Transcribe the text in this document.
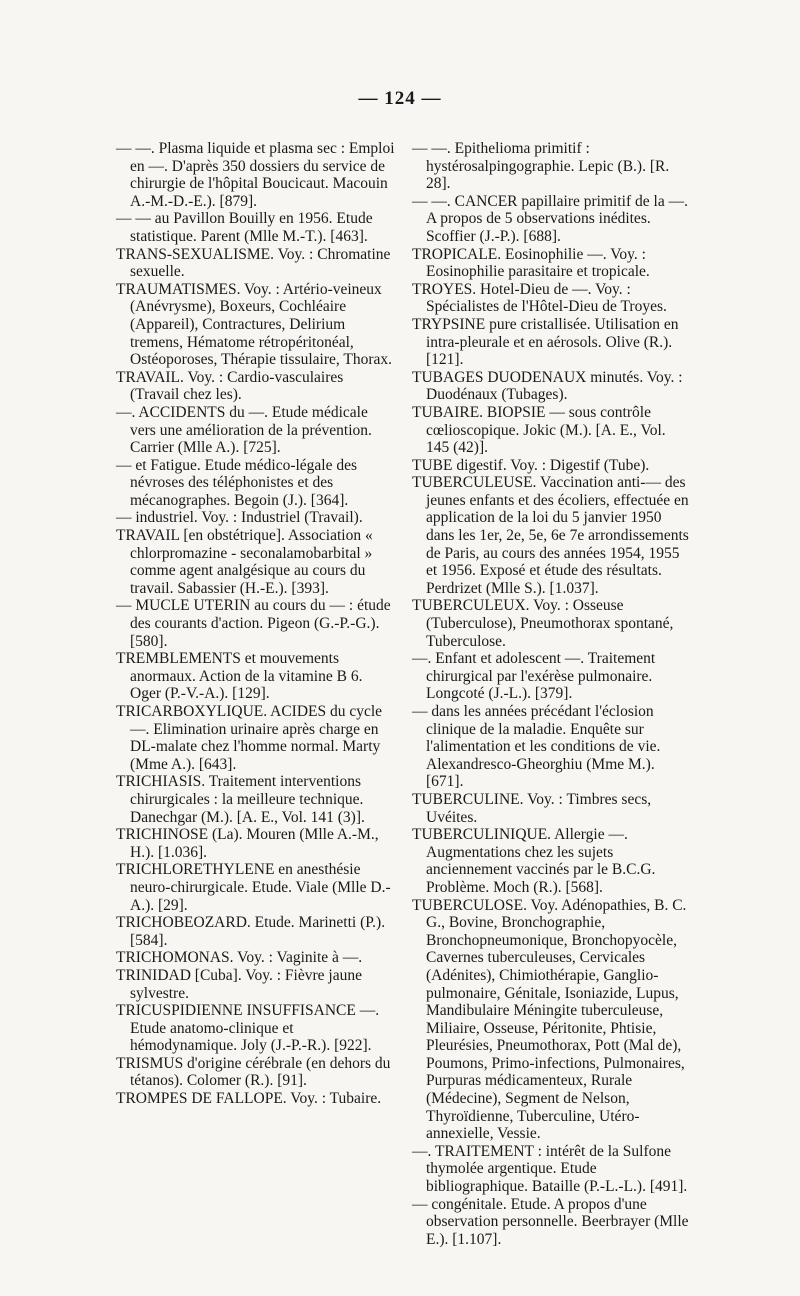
— 124 —

— —. Plasma liquide et plasma sec : Emploi en —. D'après 350 dossiers du service de chirurgie de l'hôpital Boucicaut. Macouin A.-M.-D.-E.). [879].

— — au Pavillon Bouilly en 1956. Etude statistique. Parent (Mlle M.-T.). [463].

TRANS-SEXUALISME. Voy. : Chromatine sexuelle.

TRAUMATISMES. Voy. : Artério-veineux (Anévrysme), Boxeurs, Cochléaire (Appareil), Contractures, Delirium tremens, Hématome rétropéritonéal, Ostéoporoses, Thérapie tissulaire, Thorax.

TRAVAIL. Voy. : Cardio-vasculaires (Travail chez les).

—. ACCIDENTS du —. Etude médicale vers une amélioration de la prévention. Carrier (Mlle A.). [725].

— et Fatigue. Etude médico-légale des névroses des téléphonistes et des mécanographes. Begoin (J.). [364].

— industriel. Voy. : Industriel (Travail).

TRAVAIL [en obstétrique]. Association « chlorpromazine - seconalamobarbital » comme agent analgésique au cours du travail. Sabassier (H.-E.). [393].

— MUCLE UTERIN au cours du — : étude des courants d'action. Pigeon (G.-P.-G.). [580].

TREMBLEMENTS et mouvements anormaux. Action de la vitamine B 6. Oger (P.-V.-A.). [129].

TRICARBOXYLIQUE. ACIDES du cycle —. Elimination urinaire après charge en DL-malate chez l'homme normal. Marty (Mme A.). [643].

TRICHIASIS. Traitement interventions chirurgicales : la meilleure technique. Danechgar (M.). [A. E., Vol. 141 (3)].

TRICHINOSE (La). Mouren (Mlle A.-M., H.). [1.036].

TRICHLORETHYLENE en anesthésie neuro-chirurgicale. Etude. Viale (Mlle D.-A.). [29].

TRICHOBEOZARD. Etude. Marinetti (P.). [584].

TRICHOMONAS. Voy. : Vaginite à —.

TRINIDAD [Cuba]. Voy. : Fièvre jaune sylvestre.

TRICUSPIDIENNE INSUFFISANCE —. Etude anatomo-clinique et hémodynamique. Joly (J.-P.-R.). [922].

TRISMUS d'origine cérébrale (en dehors du tétanos). Colomer (R.). [91].

TROMPES DE FALLOPE. Voy. : Tubaire.

— —. Epithelioma primitif : hystérosalpingographie. Lepic (B.). [R. 28].

— —. CANCER papillaire primitif de la —. A propos de 5 observations inédites. Scoffier (J.-P.). [688].

TROPICALE. Eosinophilie —. Voy. : Eosinophilie parasitaire et tropicale.

TROYES. Hotel-Dieu de —. Voy. : Spécialistes de l'Hôtel-Dieu de Troyes.

TRYPSINE pure cristallisée. Utilisation en intra-pleurale et en aérosols. Olive (R.). [121].

TUBAGES DUODENAUX minutés. Voy. : Duodénaux (Tubages).

TUBAIRE. BIOPSIE — sous contrôle cœlioscopique. Jokic (M.). [A. E., Vol. 145 (42)].

TUBE digestif. Voy. : Digestif (Tube).

TUBERCULEUSE. Vaccination anti-— des jeunes enfants et des écoliers, effectuée en application de la loi du 5 janvier 1950 dans les 1er, 2e, 5e, 6e 7e arrondissements de Paris, au cours des années 1954, 1955 et 1956. Exposé et étude des résultats. Perdrizet (Mlle S.). [1.037].

TUBERCULEUX. Voy. : Osseuse (Tuberculose), Pneumothorax spontané, Tuberculose.

—. Enfant et adolescent —. Traitement chirurgical par l'exérèse pulmonaire. Longcoté (J.-L.). [379].

— dans les années précédant l'éclosion clinique de la maladie. Enquête sur l'alimentation et les conditions de vie. Alexandresco-Gheorghiu (Mme M.). [671].

TUBERCULINE. Voy. : Timbres secs, Uvéites.

TUBERCULINIQUE. Allergie —. Augmentations chez les sujets anciennement vaccinés par le B.C.G. Problème. Moch (R.). [568].

TUBERCULOSE. Voy. Adénopathies, B. C. G., Bovine, Bronchographie, Bronchopneumonique, Bronchopyocèle, Cavernes tuberculeuses, Cervicales (Adénites), Chimiothérapie, Ganglio-pulmonaire, Génitale, Isoniazide, Lupus, Mandibulaire Méningite tuberculeuse, Miliaire, Osseuse, Péritonite, Phtisie, Pleurésies, Pneumothorax, Pott (Mal de), Poumons, Primo-infections, Pulmonaires, Purpuras médicamenteux, Rurale (Médecine), Segment de Nelson, Thyroïdienne, Tuberculine, Utéro-annexielle, Vessie.

—. TRAITEMENT : intérêt de la Sulfone thymolée argentique. Etude bibliographique. Bataille (P.-L.-L.). [491].

— congénitale. Etude. A propos d'une observation personnelle. Beerbrayer (Mlle E.). [1.107].
